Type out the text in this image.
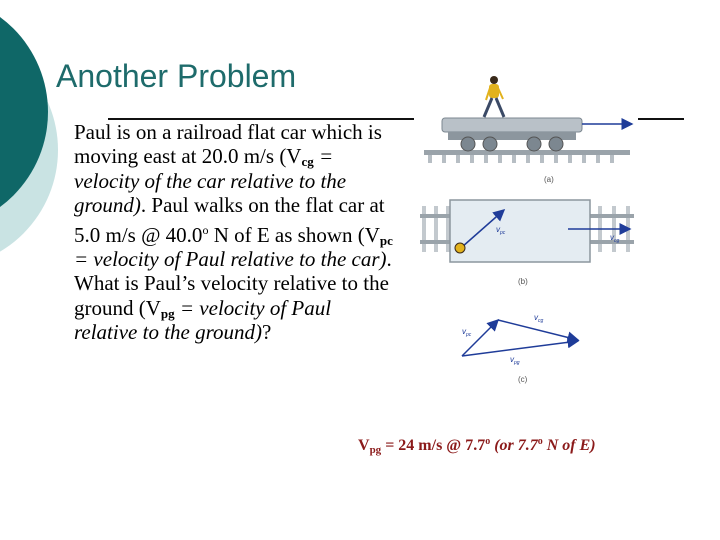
Another Problem
Paul is on a railroad flat car which is moving east at 20.0 m/s ($V_{cg}$ = velocity of the car relative to the ground). Paul walks on the flat car at 5.0 m/s @ 40.0$^o$ N of E as shown ($V_{pc}$ = velocity of Paul relative to the car). What is Paul’s velocity relative to the ground ($V_{pg}$ = velocity of Paul relative to the ground)?
$V_{pg} = 24$ m/s @ 7.7$^o$ (or 7.7$^o$ N of E)
(a)
$v_{pc}$	$v_{cg}$
(b)
$v_{pc}$
$v_{cg}$
$v_{pg}$
(c)
